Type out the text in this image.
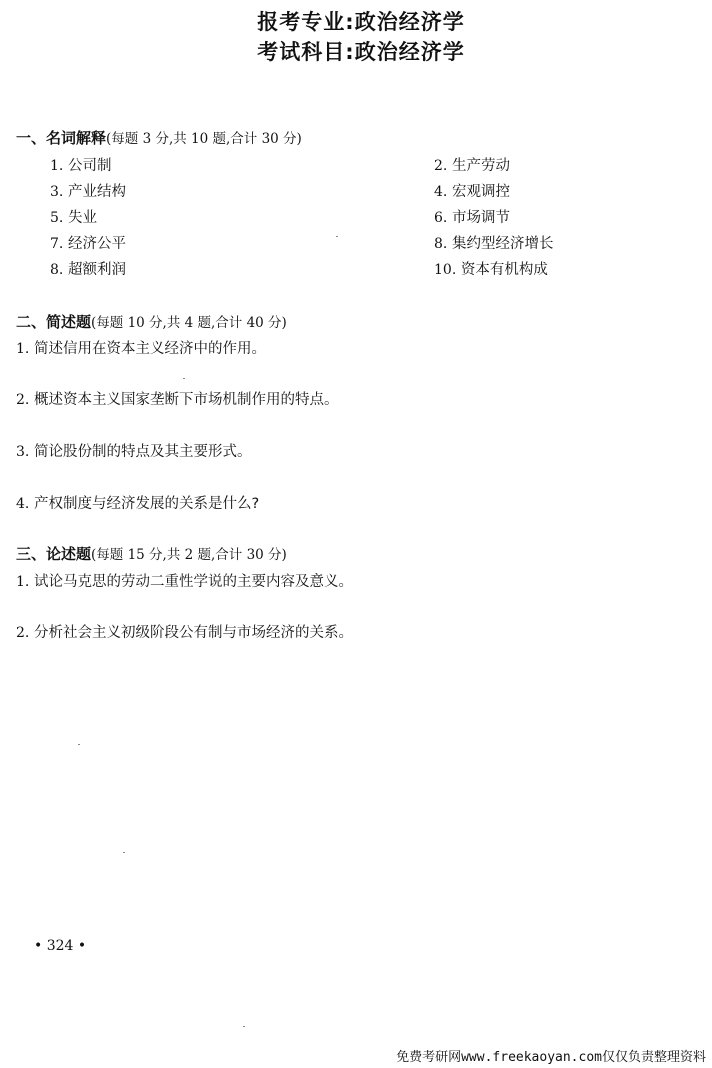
报考专业:政治经济学
考试科目:政治经济学
一、名词解释(每题 3 分,共 10 题,合计 30 分)
1. 公司制	2. 生产劳动
3. 产业结构	4. 宏观调控
5. 失业	6. 市场调节
7. 经济公平	8. 集约型经济增长
8. 超额利润	10. 资本有机构成
二、简述题(每题 10 分,共 4 题,合计 40 分)
1. 简述信用在资本主义经济中的作用。
2. 概述资本主义国家垄断下市场机制作用的特点。
3. 简论股份制的特点及其主要形式。
4. 产权制度与经济发展的关系是什么?
三、论述题(每题 15 分,共 2 题,合计 30 分)
1. 试论马克思的劳动二重性学说的主要内容及意义。
2. 分析社会主义初级阶段公有制与市场经济的关系。
• 324 •
免费考研网www.freekaoyan.com仅仅负责整理资料
